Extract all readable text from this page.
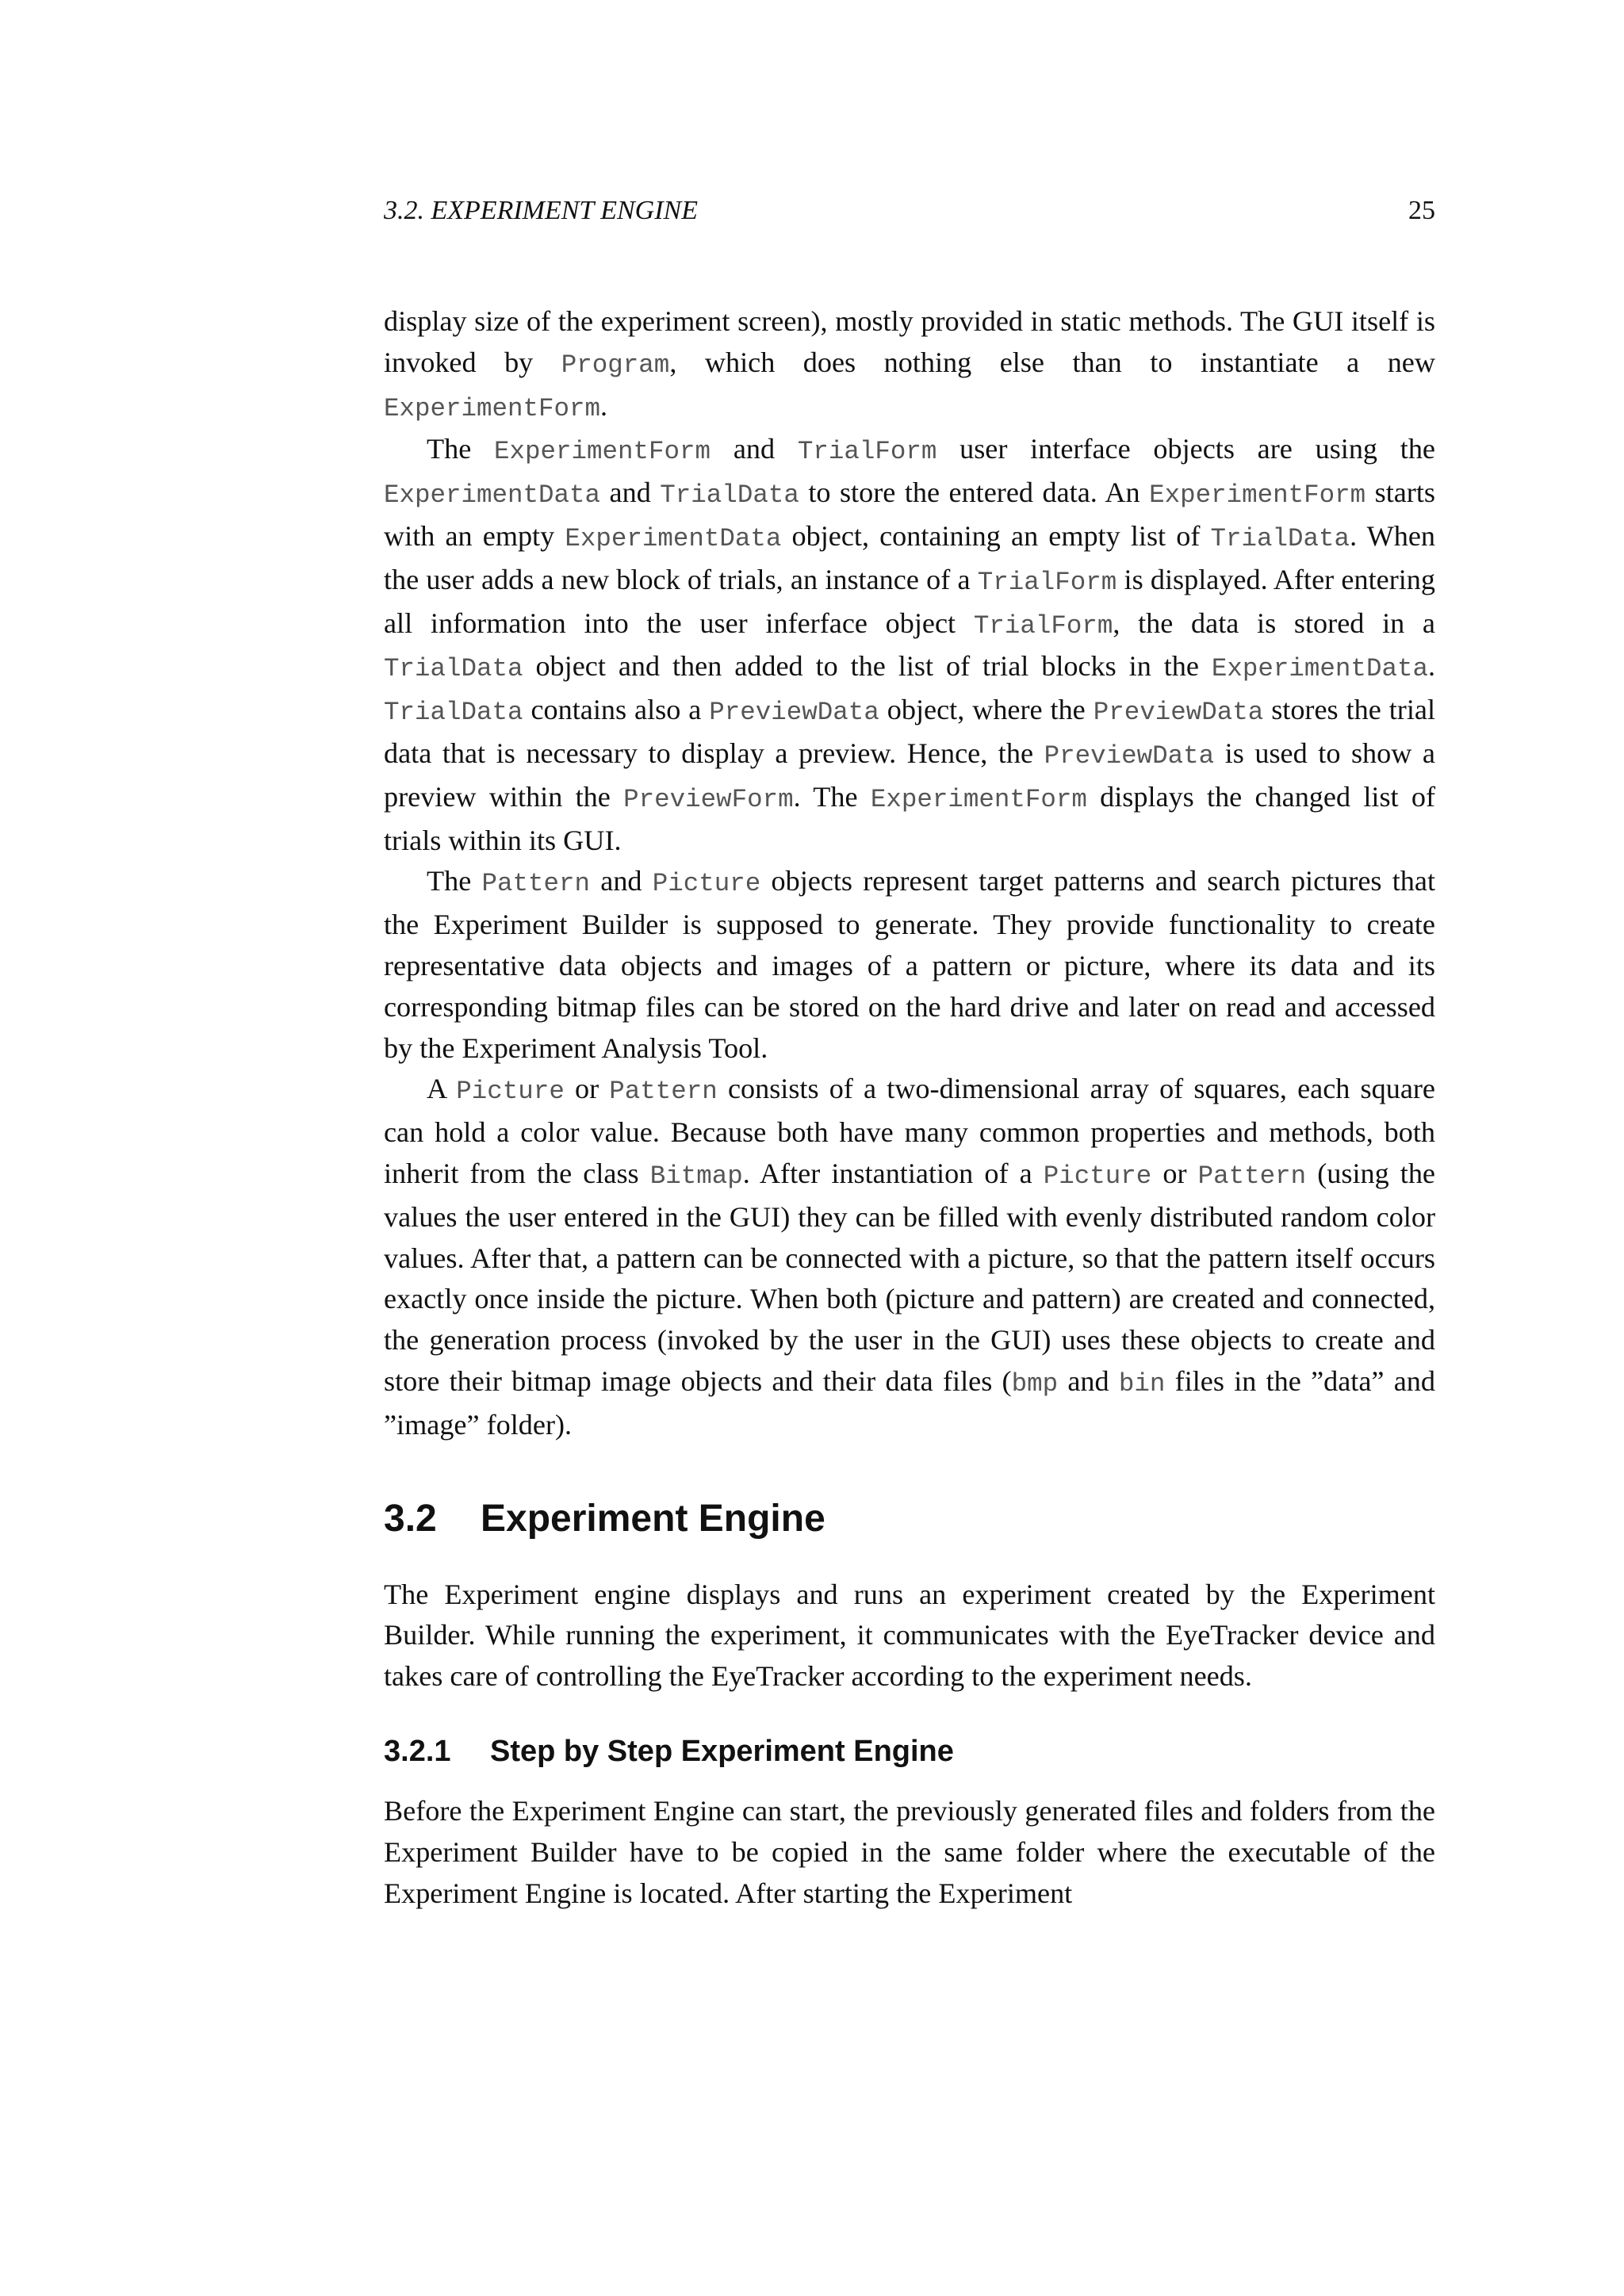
3.2. EXPERIMENT ENGINE	25

display size of the experiment screen), mostly provided in static methods. The GUI itself is invoked by Program, which does nothing else than to instantiate a new ExperimentForm.

The ExperimentForm and TrialForm user interface objects are using the ExperimentData and TrialData to store the entered data. An ExperimentForm starts with an empty ExperimentData object, containing an empty list of TrialData. When the user adds a new block of trials, an instance of a TrialForm is displayed. After entering all information into the user inferface object TrialForm, the data is stored in a TrialData object and then added to the list of trial blocks in the ExperimentData. TrialData contains also a PreviewData object, where the PreviewData stores the trial data that is necessary to display a preview. Hence, the PreviewData is used to show a preview within the PreviewForm. The ExperimentForm displays the changed list of trials within its GUI.

The Pattern and Picture objects represent target patterns and search pictures that the Experiment Builder is supposed to generate. They provide functionality to create representative data objects and images of a pattern or picture, where its data and its corresponding bitmap files can be stored on the hard drive and later on read and accessed by the Experiment Analysis Tool.

A Picture or Pattern consists of a two-dimensional array of squares, each square can hold a color value. Because both have many common properties and methods, both inherit from the class Bitmap. After instantiation of a Picture or Pattern (using the values the user entered in the GUI) they can be filled with evenly distributed random color values. After that, a pattern can be connected with a picture, so that the pattern itself occurs exactly once inside the picture. When both (picture and pattern) are created and connected, the generation process (invoked by the user in the GUI) uses these objects to create and store their bitmap image objects and their data files (bmp and bin files in the ”data” and ”image” folder).

3.2 Experiment Engine

The Experiment engine displays and runs an experiment created by the Experiment Builder. While running the experiment, it communicates with the EyeTracker device and takes care of controlling the EyeTracker according to the experiment needs.

3.2.1 Step by Step Experiment Engine

Before the Experiment Engine can start, the previously generated files and folders from the Experiment Builder have to be copied in the same folder where the executable of the Experiment Engine is located. After starting the Experiment
